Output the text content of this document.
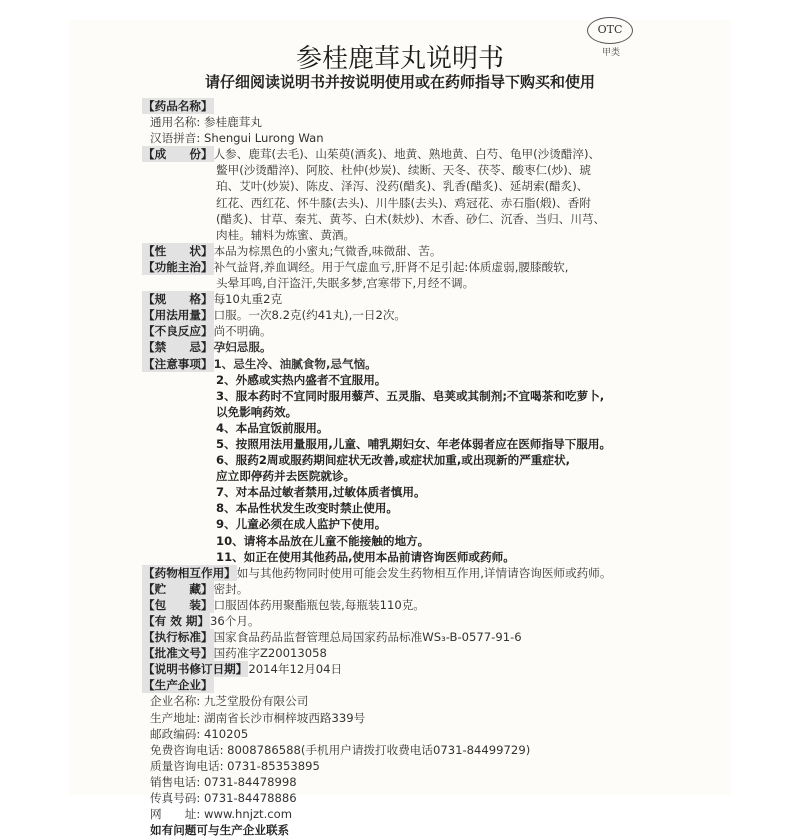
OTC
甲类
参桂鹿茸丸说明书
请仔细阅读说明书并按说明使用或在药师指导下购买和使用
【药品名称】
通用名称: 参桂鹿茸丸
汉语拼音: Shengui Lurong Wan
【成　　份】人参、鹿茸(去毛)、山茱萸(酒炙)、地黄、熟地黄、白芍、龟甲(沙烫醋淬)、
鳖甲(沙烫醋淬)、阿胶、杜仲(炒炭)、续断、天冬、茯苓、酸枣仁(炒)、琥
珀、艾叶(炒炭)、陈皮、泽泻、没药(醋炙)、乳香(醋炙)、延胡索(醋炙)、
红花、西红花、怀牛膝(去头)、川牛膝(去头)、鸡冠花、赤石脂(煅)、香附
(醋炙)、甘草、秦艽、黄芩、白术(麸炒)、木香、砂仁、沉香、当归、川芎、
肉桂。辅料为炼蜜、黄酒。
【性　　状】本品为棕黑色的小蜜丸;气微香,味微甜、苦。
【功能主治】补气益肾,养血调经。用于气虚血亏,肝肾不足引起:体质虚弱,腰膝酸软,
头晕耳鸣,自汗盗汗,失眠多梦,宫寒带下,月经不调。
【规　　格】每10丸重2克
【用法用量】口服。一次8.2克(约41丸),一日2次。
【不良反应】尚不明确。
【禁　　忌】孕妇忌服。
【注意事项】1、忌生冷、油腻食物,忌气恼。
2、外感或实热内盛者不宜服用。
3、服本药时不宜同时服用藜芦、五灵脂、皂荚或其制剂;不宜喝茶和吃萝卜,
以免影响药效。
4、本品宜饭前服用。
5、按照用法用量服用,儿童、哺乳期妇女、年老体弱者应在医师指导下服用。
6、服药2周或服药期间症状无改善,或症状加重,或出现新的严重症状,
应立即停药并去医院就诊。
7、对本品过敏者禁用,过敏体质者慎用。
8、本品性状发生改变时禁止使用。
9、儿童必须在成人监护下使用。
10、请将本品放在儿童不能接触的地方。
11、如正在使用其他药品,使用本品前请咨询医师或药师。
【药物相互作用】如与其他药物同时使用可能会发生药物相互作用,详情请咨询医师或药师。
【贮　　藏】密封。
【包　　装】口服固体药用聚酯瓶包装,每瓶装110克。
【有 效 期】36个月。
【执行标准】国家食品药品监督管理总局国家药品标准WS₃-B-0577-91-6
【批准文号】国药准字Z20013058
【说明书修订日期】2014年12月04日
【生产企业】
企业名称: 九芝堂股份有限公司
生产地址: 湖南省长沙市桐梓坡西路339号
邮政编码: 410205
免费咨询电话: 8008786588(手机用户请拨打收费电话0731-84499729)
质量咨询电话: 0731-85353895
销售电话: 0731-84478998
传真号码: 0731-84478886
网　　址: www.hnjzt.com
如有问题可与生产企业联系
